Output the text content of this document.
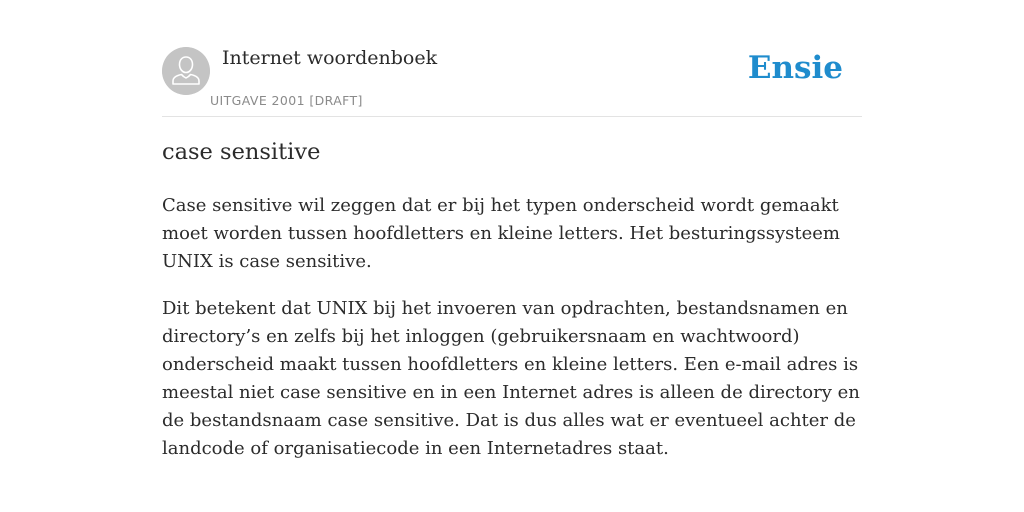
Internet woordenboek
UITGAVE 2001 [DRAFT]
Ensie
case sensitive

Case sensitive wil zeggen dat er bij het typen onderscheid wordt gemaakt moet worden tussen hoofdletters en kleine letters. Het besturingssysteem UNIX is case sensitive.

Dit betekent dat UNIX bij het invoeren van opdrachten, bestandsnamen en directory’s en zelfs bij het inloggen (gebruikersnaam en wachtwoord) onderscheid maakt tussen hoofdletters en kleine letters. Een e-mail adres is meestal niet case sensitive en in een Internet adres is alleen de directory en de bestandsnaam case sensitive. Dat is dus alles wat er eventueel achter de landcode of organisatiecode in een Internetadres staat.
